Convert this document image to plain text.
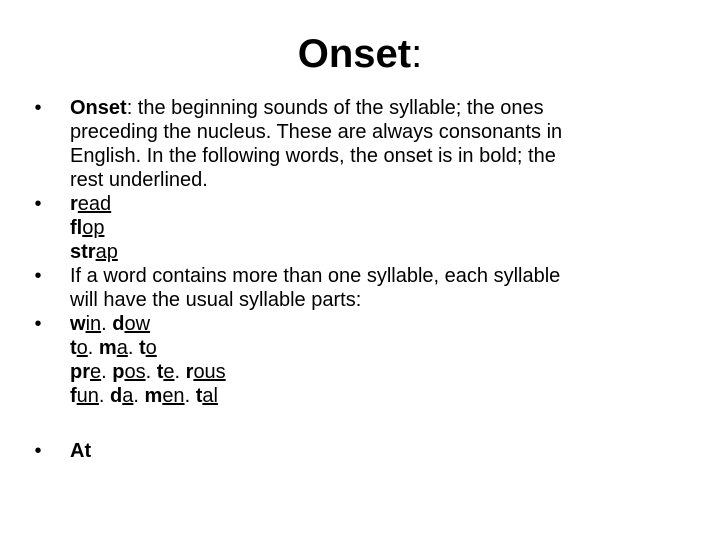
Onset:
•	Onset: the beginning sounds of the syllable; the ones
preceding the nucleus. These are always consonants in
English. In the following words, the onset is in bold; the
rest underlined.
•	read
flop
strap
•	If a word contains more than one syllable, each syllable
will have the usual syllable parts:
•	win. dow
to. ma. to
pre. pos. te. rous
fun. da. men. tal
•	At
